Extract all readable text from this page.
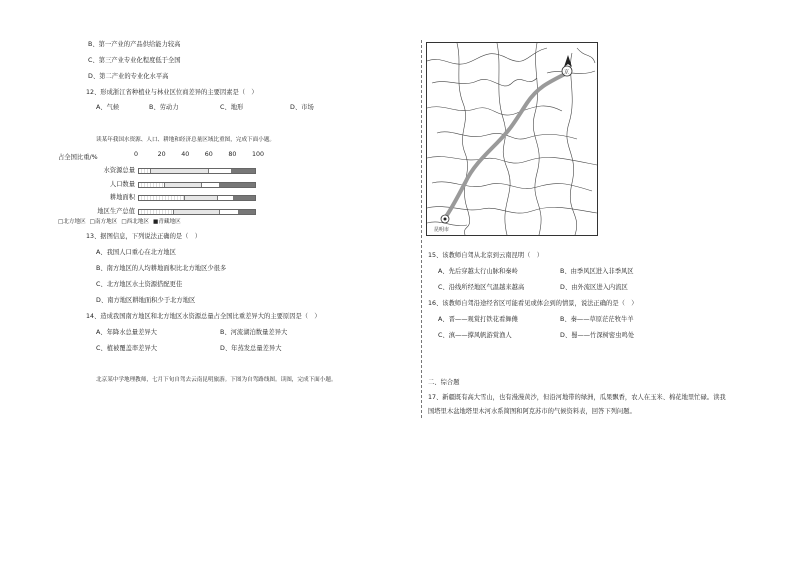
B、第一产业的产品供给能力较高
C、第三产业专业化程度低于全国
D、第二产业的专业化水平高
12、形成浙江省种植业与林业区位商差异的主要因素是（　）
A、气候	B、劳动力	C、地形	D、市场
读某年我国水资源、人口、耕地和经济总量区域比重图，完成下面小题。
占全国比重/%	0	20 40 60 80 100
水资源总量
人口数量
耕地面积
地区生产总值
□北方地区 □南方地区 □西北地区 ■青藏地区
13、据图信息，下列说法正确的是（　）
A、我国人口重心在北方地区
B、南方地区的人均耕地面积比北方地区少很多
C、北方地区水土资源搭配更佳
D、南方地区耕地面积少于北方地区
14、造成我国南方地区和北方地区水资源总量占全国比重差异大的主要原因是（　）
A、年降水总量差异大	B、河流湖泊数量差异大
C、植被覆盖率差异大	D、年蒸发总量差异大
北京某中学地理教师，七月下旬自驾去云南昆明旅游。下图为自驾路线图。读图，完成下面小题。
京
昆明市
15、该教师自驾从北京到云南昆明（　）
A、先后穿越太行山脉和秦岭	B、由季风区进入非季风区
C、沿线所经地区气温越来越高	D、由外流区进入内流区
16、该教师自驾沿途经省区可能看见或体会到的情景，说法正确的是（　）
A、晋——观赏打铁花看舞傩	B、秦——草原茫茫牧牛羊
C、滇——撑风帆游赏渔人	D、蜀——竹深树密虫鸣处
二、综合题
17、新疆既有高大雪山，也有漫漫黄沙，但沿河地带的绿洲，瓜果飘香，农人在玉米、棉花地里忙碌。读我
国塔里木盆地塔里木河水系简图和阿克苏市的气候资料表，回答下列问题。
